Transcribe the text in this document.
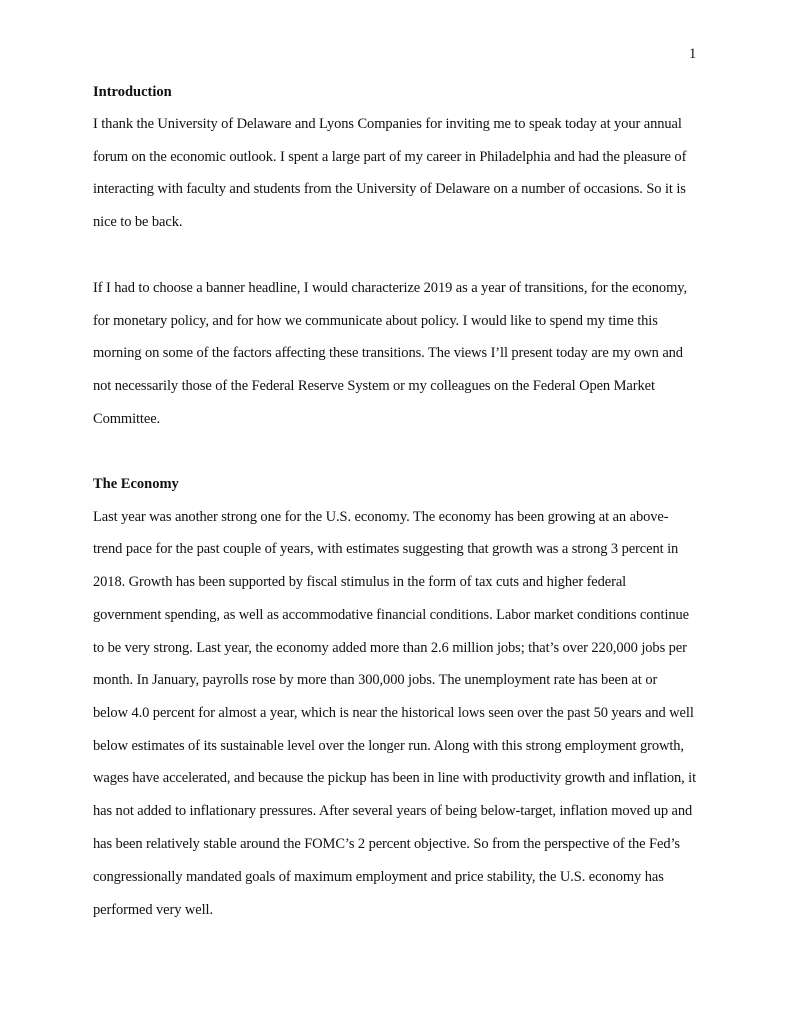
1
Introduction
I thank the University of Delaware and Lyons Companies for inviting me to speak today at your annual
forum on the economic outlook. I spent a large part of my career in Philadelphia and had the pleasure of
interacting with faculty and students from the University of Delaware on a number of occasions. So it is
nice to be back.
If I had to choose a banner headline, I would characterize 2019 as a year of transitions, for the economy,
for monetary policy, and for how we communicate about policy. I would like to spend my time this
morning on some of the factors affecting these transitions. The views I’ll present today are my own and
not necessarily those of the Federal Reserve System or my colleagues on the Federal Open Market
Committee.
The Economy
Last year was another strong one for the U.S. economy. The economy has been growing at an above-
trend pace for the past couple of years, with estimates suggesting that growth was a strong 3 percent in
2018. Growth has been supported by fiscal stimulus in the form of tax cuts and higher federal
government spending, as well as accommodative financial conditions. Labor market conditions continue
to be very strong. Last year, the economy added more than 2.6 million jobs; that’s over 220,000 jobs per
month. In January, payrolls rose by more than 300,000 jobs. The unemployment rate has been at or
below 4.0 percent for almost a year, which is near the historical lows seen over the past 50 years and well
below estimates of its sustainable level over the longer run. Along with this strong employment growth,
wages have accelerated, and because the pickup has been in line with productivity growth and inflation, it
has not added to inflationary pressures. After several years of being below-target, inflation moved up and
has been relatively stable around the FOMC’s 2 percent objective. So from the perspective of the Fed’s
congressionally mandated goals of maximum employment and price stability, the U.S. economy has
performed very well.
